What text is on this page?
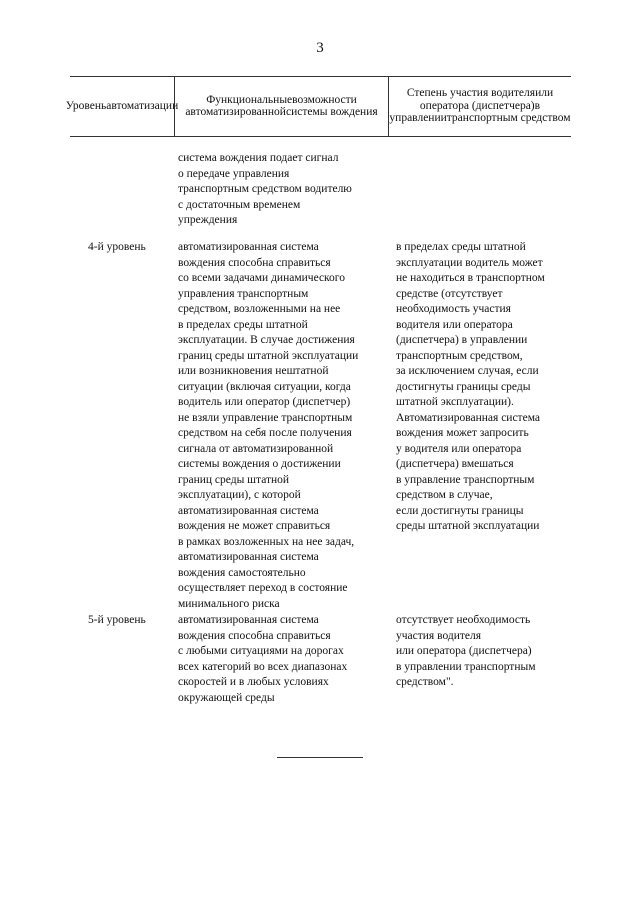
3
Уровеньавтоматизации
Функциональныевозможности автоматизированнойсистемы вождения
Степень участия водителяили оператора (диспетчера)в управлениитранспортным средством
система вождения подает сигнал
о передаче управления
транспортным средством водителю
с достаточным временем
упреждения
4-й уровень	автоматизированная система
вождения способна справиться
со всеми задачами динамического
управления транспортным
средством, возложенными на нее
в пределах среды штатной
эксплуатации. В случае достижения
границ среды штатной эксплуатации
или возникновения нештатной
ситуации (включая ситуации, когда
водитель или оператор (диспетчер)
не взяли управление транспортным
средством на себя после получения
сигнала от автоматизированной
системы вождения о достижении
границ среды штатной
эксплуатации), с которой
автоматизированная система
вождения не может справиться
в рамках возложенных на нее задач,
автоматизированная система
вождения самостоятельно
осуществляет переход в состояние
минимального риска
в пределах среды штатной
эксплуатации водитель может
не находиться в транспортном
средстве (отсутствует
необходимость участия
водителя или оператора
(диспетчера) в управлении
транспортным средством,
за исключением случая, если
достигнуты границы среды
штатной эксплуатации).
Автоматизированная система
вождения может запросить
у водителя или оператора
(диспетчера) вмешаться
в управление транспортным
средством в случае,
если достигнуты границы
среды штатной эксплуатации
5-й уровень	автоматизированная система
вождения способна справиться
с любыми ситуациями на дорогах
всех категорий во всех диапазонах
скоростей и в любых условиях
окружающей среды
отсутствует необходимость
участия водителя
или оператора (диспетчера)
в управлении транспортным
средством".
